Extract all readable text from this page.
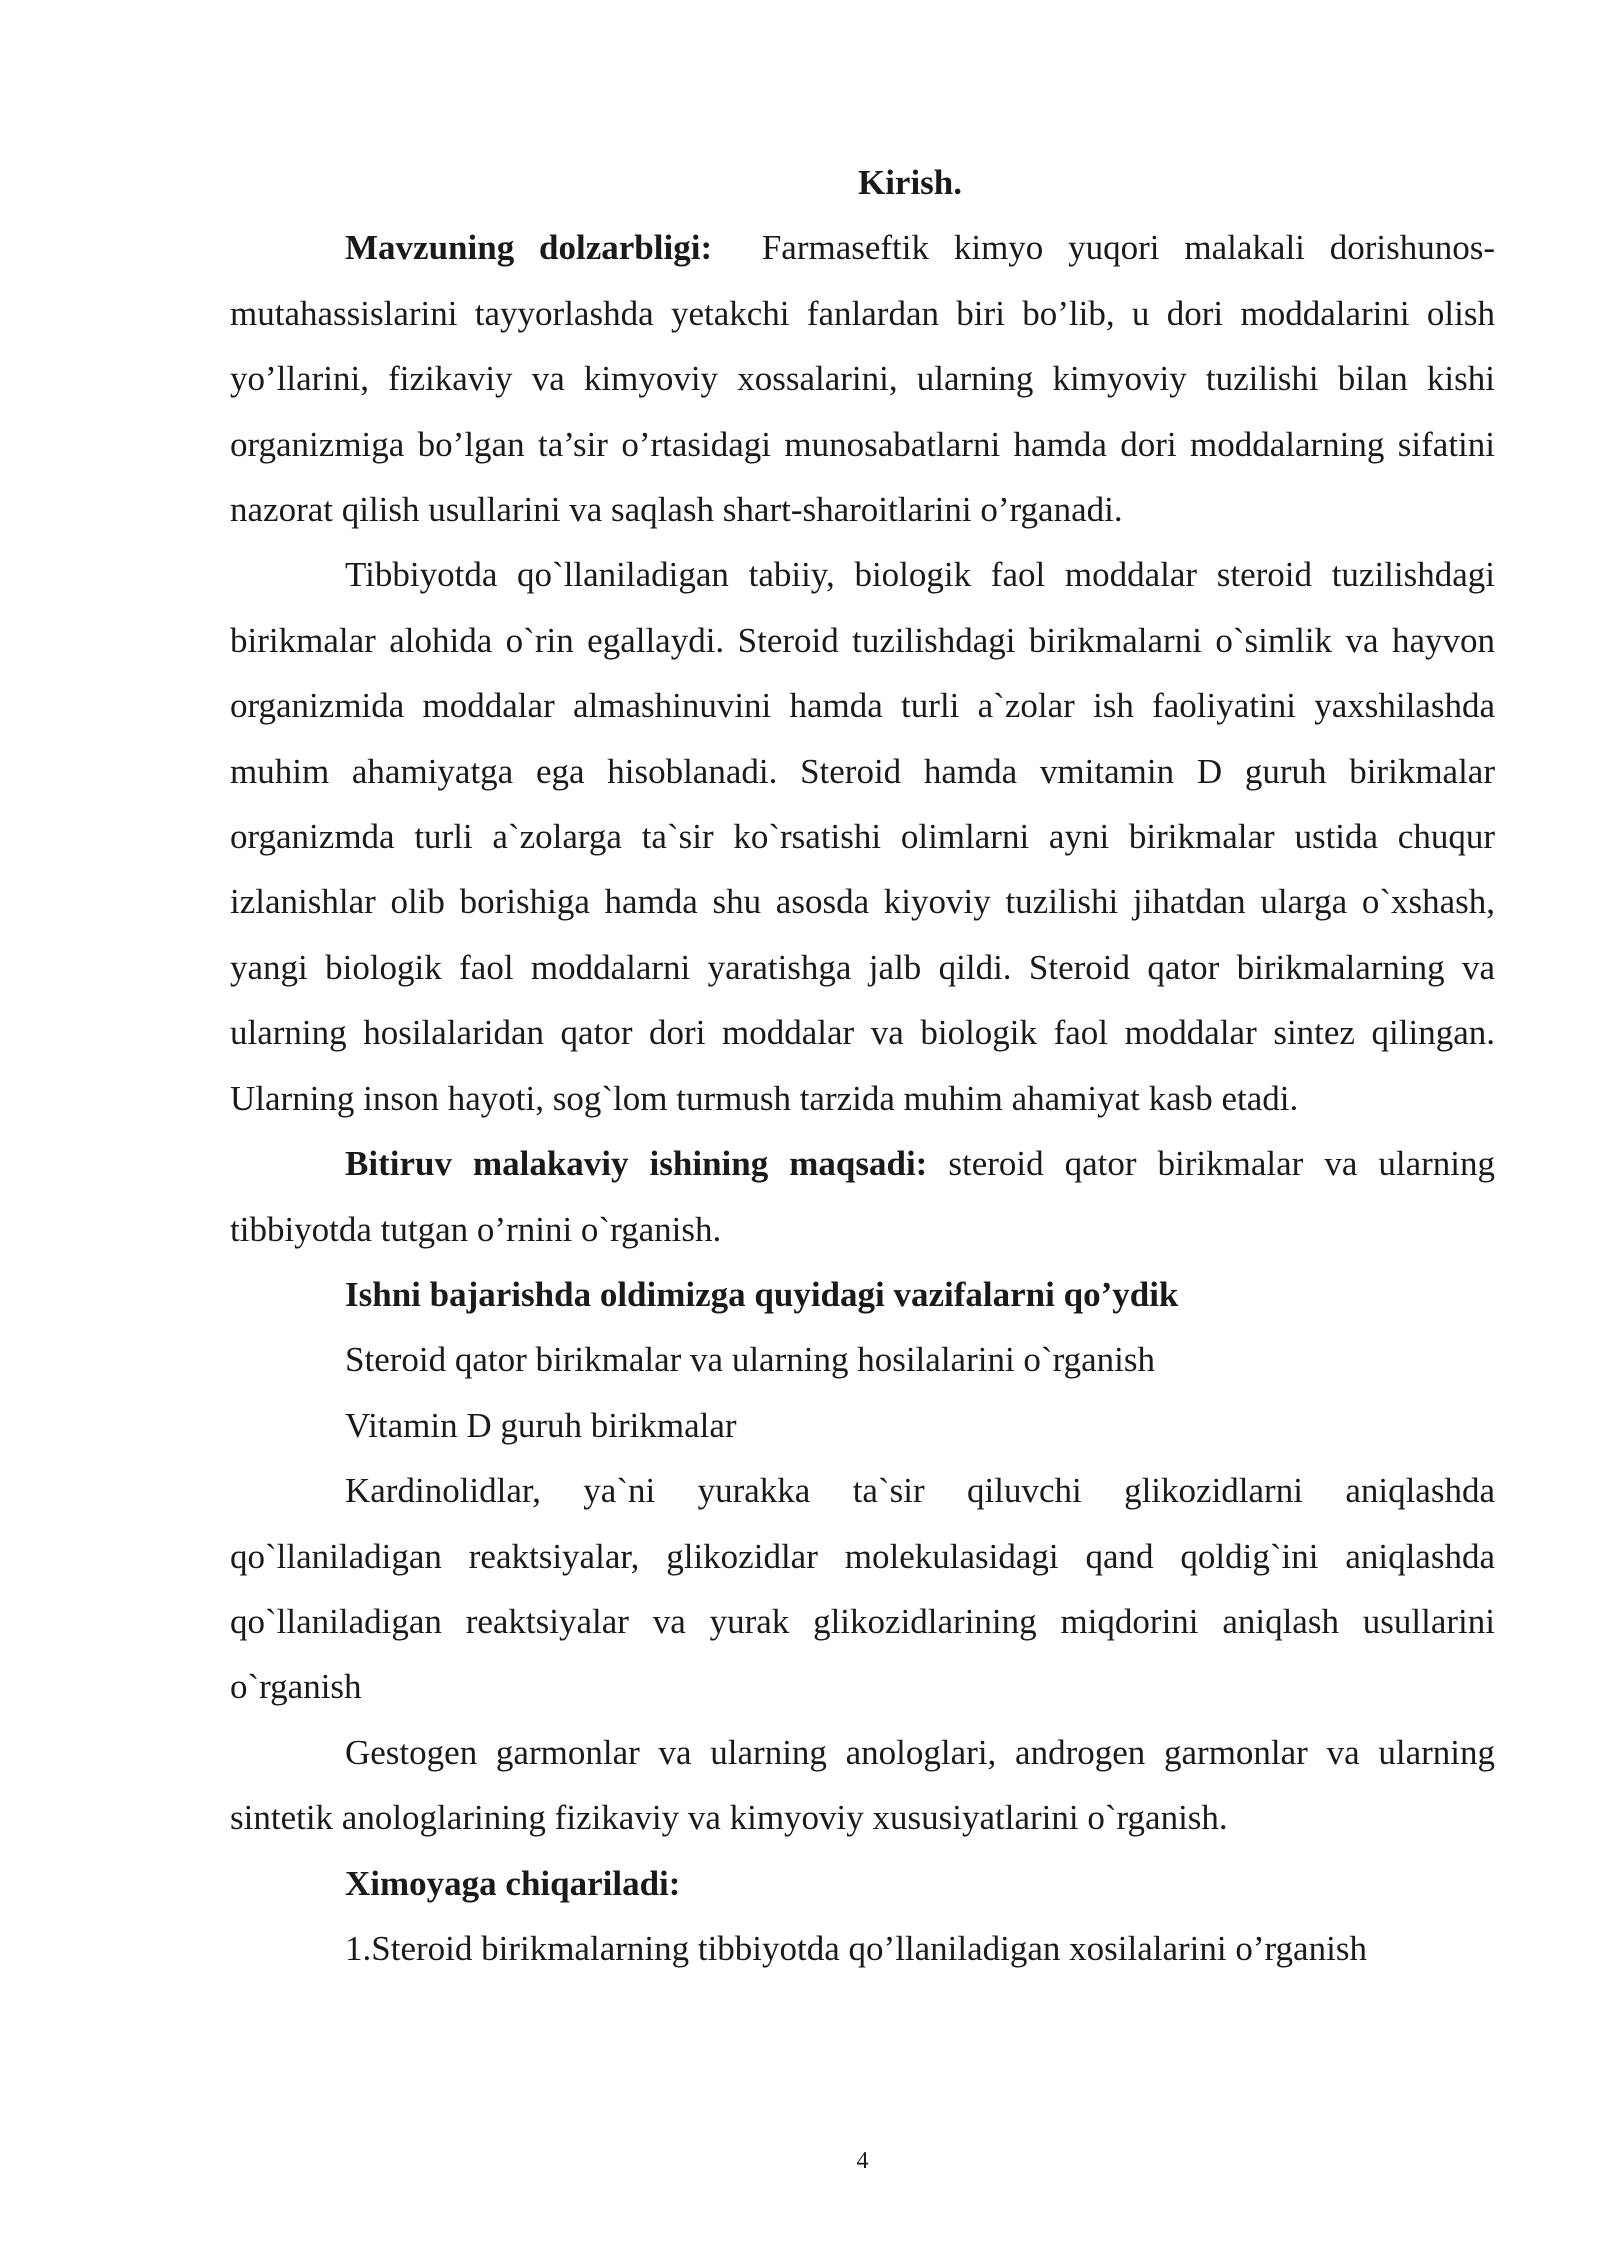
Kirish.

Mavzuning dolzarbligi: Farmaseftik kimyo yuqori malakali dorishunos-mutahassislarini tayyorlashda yetakchi fanlardan biri bo’lib, u dori moddalarini olish yo’llarini, fizikaviy va kimyoviy xossalarini, ularning kimyoviy tuzilishi bilan kishi organizmiga bo’lgan ta’sir o’rtasidagi munosabatlarni hamda dori moddalarning sifatini nazorat qilish usullarini va saqlash shart-sharoitlarini o’rganadi.

Tibbiyotda qo`llaniladigan tabiiy, biologik faol moddalar steroid tuzilishdagi birikmalar alohida o`rin egallaydi. Steroid tuzilishdagi birikmalarni o`simlik va hayvon organizmida moddalar almashinuvini hamda turli a`zolar ish faoliyatini yaxshilashda muhim ahamiyatga ega hisoblanadi. Steroid hamda vmitamin D guruh birikmalar organizmda turli a`zolarga ta`sir ko`rsatishi olimlarni ayni birikmalar ustida chuqur izlanishlar olib borishiga hamda shu asosda kiyoviy tuzilishi jihatdan ularga o`xshash, yangi biologik faol moddalarni yaratishga jalb qildi. Steroid qator birikmalarning va ularning hosilalaridan qator dori moddalar va biologik faol moddalar sintez qilingan. Ularning inson hayoti, sog`lom turmush tarzida muhim ahamiyat kasb etadi.

Bitiruv malakaviy ishining maqsadi: steroid qator birikmalar va ularning tibbiyotda tutgan o’rnini o`rganish.

Ishni bajarishda oldimizga quyidagi vazifalarni qo’ydik

Steroid qator birikmalar va ularning hosilalarini o`rganish

Vitamin D guruh birikmalar

Kardinolidlar, ya`ni yurakka ta`sir qiluvchi glikozidlarni aniqlashda qo`llaniladigan reaktsiyalar, glikozidlar molekulasidagi qand qoldig`ini aniqlashda qo`llaniladigan reaktsiyalar va yurak glikozidlarining miqdorini aniqlash usullarini o`rganish

Gestogen garmonlar va ularning anologlari, androgen garmonlar va ularning sintetik anologlarining fizikaviy va kimyoviy xususiyatlarini o`rganish.

Ximoyaga chiqariladi:

1.Steroid birikmalarning tibbiyotda qo’llaniladigan xosilalarini o’rganish

4
